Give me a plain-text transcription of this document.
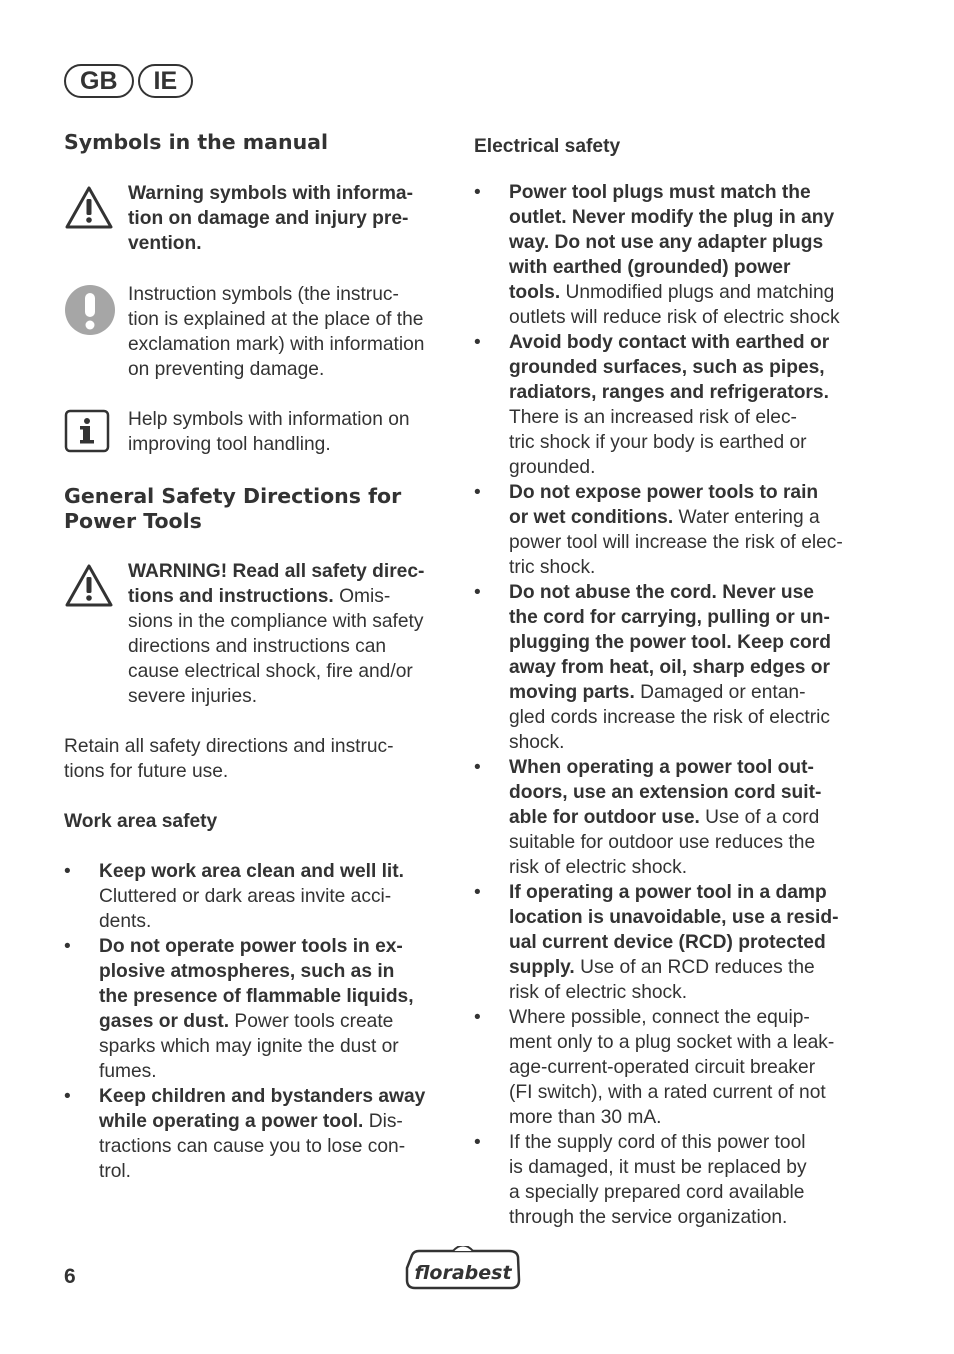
GB	IE
Symbols in the manual
Warning symbols with informa-
tion on damage and injury pre-
vention.
Instruction symbols (the instruc-
tion is explained at the place of the
exclamation mark) with information
on preventing damage.
Help symbols with information on
improving tool handling.
General Safety Directions for
Power Tools
WARNING! Read all safety direc-
tions and instructions. Omis-
sions in the compliance with safety
directions and instructions can
cause electrical shock, fire and/or
severe injuries.

Retain all safety directions and instruc-
tions for future use.

Work area safety
• Keep work area clean and well lit.
Cluttered or dark areas invite acci-
dents.
• Do not operate power tools in ex-
plosive atmospheres, such as in
the presence of flammable liquids,
gases or dust. Power tools create
sparks which may ignite the dust or
fumes.
• Keep children and bystanders away
while operating a power tool. Dis-
tractions can cause you to lose con-
trol.
Electrical safety
• Power tool plugs must match the
outlet. Never modify the plug in any
way. Do not use any adapter plugs
with earthed (grounded) power
tools. Unmodified plugs and matching
outlets will reduce risk of electric shock
• Avoid body contact with earthed or
grounded surfaces, such as pipes,
radiators, ranges and refrigerators.
There is an increased risk of elec-
tric shock if your body is earthed or
grounded.
• Do not expose power tools to rain
or wet conditions. Water entering a
power tool will increase the risk of elec-
tric shock.
• Do not abuse the cord. Never use
the cord for carrying, pulling or un-
plugging the power tool. Keep cord
away from heat, oil, sharp edges or
moving parts. Damaged or entan-
gled cords increase the risk of electric
shock.
• When operating a power tool out-
doors, use an extension cord suit-
able for outdoor use. Use of a cord
suitable for outdoor use reduces the
risk of electric shock.
• If operating a power tool in a damp
location is unavoidable, use a resid-
ual current device (RCD) protected
supply. Use of an RCD reduces the
risk of electric shock.
• Where possible, connect the equip-
ment only to a plug socket with a leak-
age-current-operated circuit breaker
(FI switch), with a rated current of not
more than 30 mA.
• If the supply cord of this power tool
is damaged, it must be replaced by
a specially prepared cord available
through the service organization.
6	florabest
